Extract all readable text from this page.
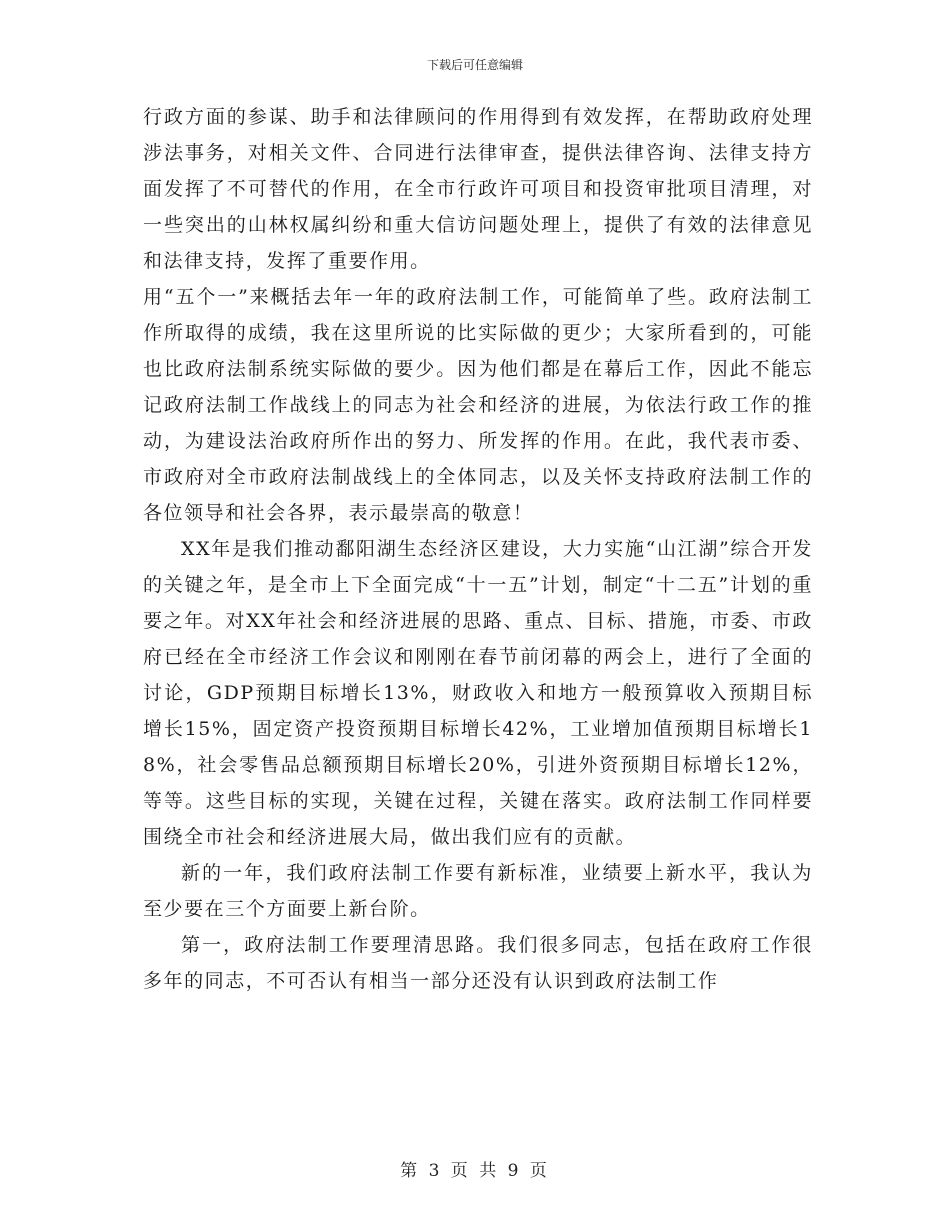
下载后可任意编辑

行政方面的参谋、助手和法律顾问的作用得到有效发挥，在帮助政府处理涉法事务，对相关文件、合同进行法律审查，提供法律咨询、法律支持方面发挥了不可替代的作用，在全市行政许可项目和投资审批项目清理，对一些突出的山林权属纠纷和重大信访问题处理上，提供了有效的法律意见和法律支持，发挥了重要作用。

用“五个一”来概括去年一年的政府法制工作，可能简单了些。政府法制工作所取得的成绩，我在这里所说的比实际做的更少；大家所看到的，可能也比政府法制系统实际做的要少。因为他们都是在幕后工作，因此不能忘记政府法制工作战线上的同志为社会和经济的进展，为依法行政工作的推动，为建设法治政府所作出的努力、所发挥的作用。在此，我代表市委、市政府对全市政府法制战线上的全体同志，以及关怀支持政府法制工作的各位领导和社会各界，表示最崇高的敬意！

XX年是我们推动鄱阳湖生态经济区建设，大力实施“山江湖”综合开发的关键之年，是全市上下全面完成“十一五”计划，制定“十二五”计划的重要之年。对XX年社会和经济进展的思路、重点、目标、措施，市委、市政府已经在全市经济工作会议和刚刚在春节前闭幕的两会上，进行了全面的讨论，GDP预期目标增长13%，财政收入和地方一般预算收入预期目标增长15%，固定资产投资预期目标增长42%，工业增加值预期目标增长18%，社会零售品总额预期目标增长20%，引进外资预期目标增长12%，等等。这些目标的实现，关键在过程，关键在落实。政府法制工作同样要围绕全市社会和经济进展大局，做出我们应有的贡献。

新的一年，我们政府法制工作要有新标准，业绩要上新水平，我认为至少要在三个方面要上新台阶。

第一，政府法制工作要理清思路。我们很多同志，包括在政府工作很多年的同志，不可否认有相当一部分还没有认识到政府法制工作

第 3 页 共 9 页
